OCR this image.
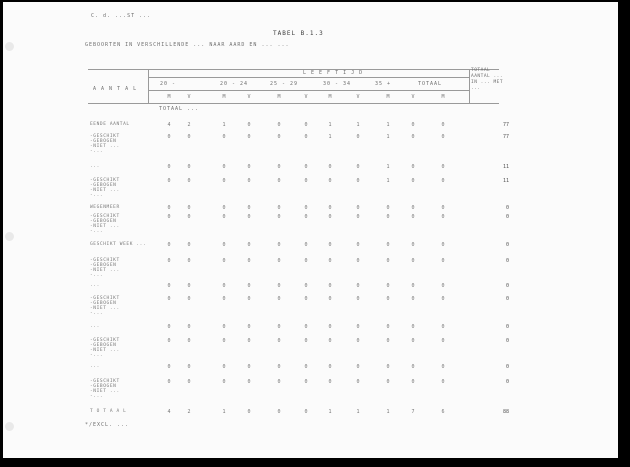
C. d. ...ST ...
TABEL B.1.3
GEBOORTEN IN VERSCHILLENDE ... NAAR AARD EN ... ...
A A N T A L
L E E F T I J D	TOTAAL AANTAL ... IN ... MET ...
TOTAAL ...
20 -	20 - 24	25 - 29	30 - 34	35 +	TOTAAL
M	V	M	V	M	V	M	V	M	V	M
EENDE AANTAL	4	2	1	0	0	0	1	1	1	0	0	77
-GESCHIKT
-GEBOGEN
-NIET ...
-...
0	0	0	0	0	0	1	0	1	0	0	77
...	0	0	0	0	0	0	0	0	1	0	0	11
-GESCHIKT
-GEBOGEN
-NIET ...
-...
0	0	0	0	0	0	0	0	1	0	0	11
WEGENMEER	0	0	0	0	0	0	0	0	0	0	0	0
-GESCHIKT
-GEBOGEN
-NIET ...
-...
0	0	0	0	0	0	0	0	0	0	0	0
GESCHIKT WEEK ...	0	0	0	0	0	0	0	0	0	0	0	0
-GESCHIKT
-GEBOGEN
-NIET ...
-...
0	0	0	0	0	0	0	0	0	0	0	0
...	0	0	0	0	0	0	0	0	0	0	0	0
-GESCHIKT
-GEBOGEN
-NIET ...
-...
0	0	0	0	0	0	0	0	0	0	0	0
...	0	0	0	0	0	0	0	0	0	0	0	0
-GESCHIKT
-GEBOGEN
-NIET ...
-...
0	0	0	0	0	0	0	0	0	0	0	0
...	0	0	0	0	0	0	0	0	0	0	0	0
-GESCHIKT
-GEBOGEN
-NIET ...
-...
0	0	0	0	0	0	0	0	0	0	0	0
T O T A A L	4	2	1	0	0	0	1	1	1	7	6	88
*/EXCL. ...
